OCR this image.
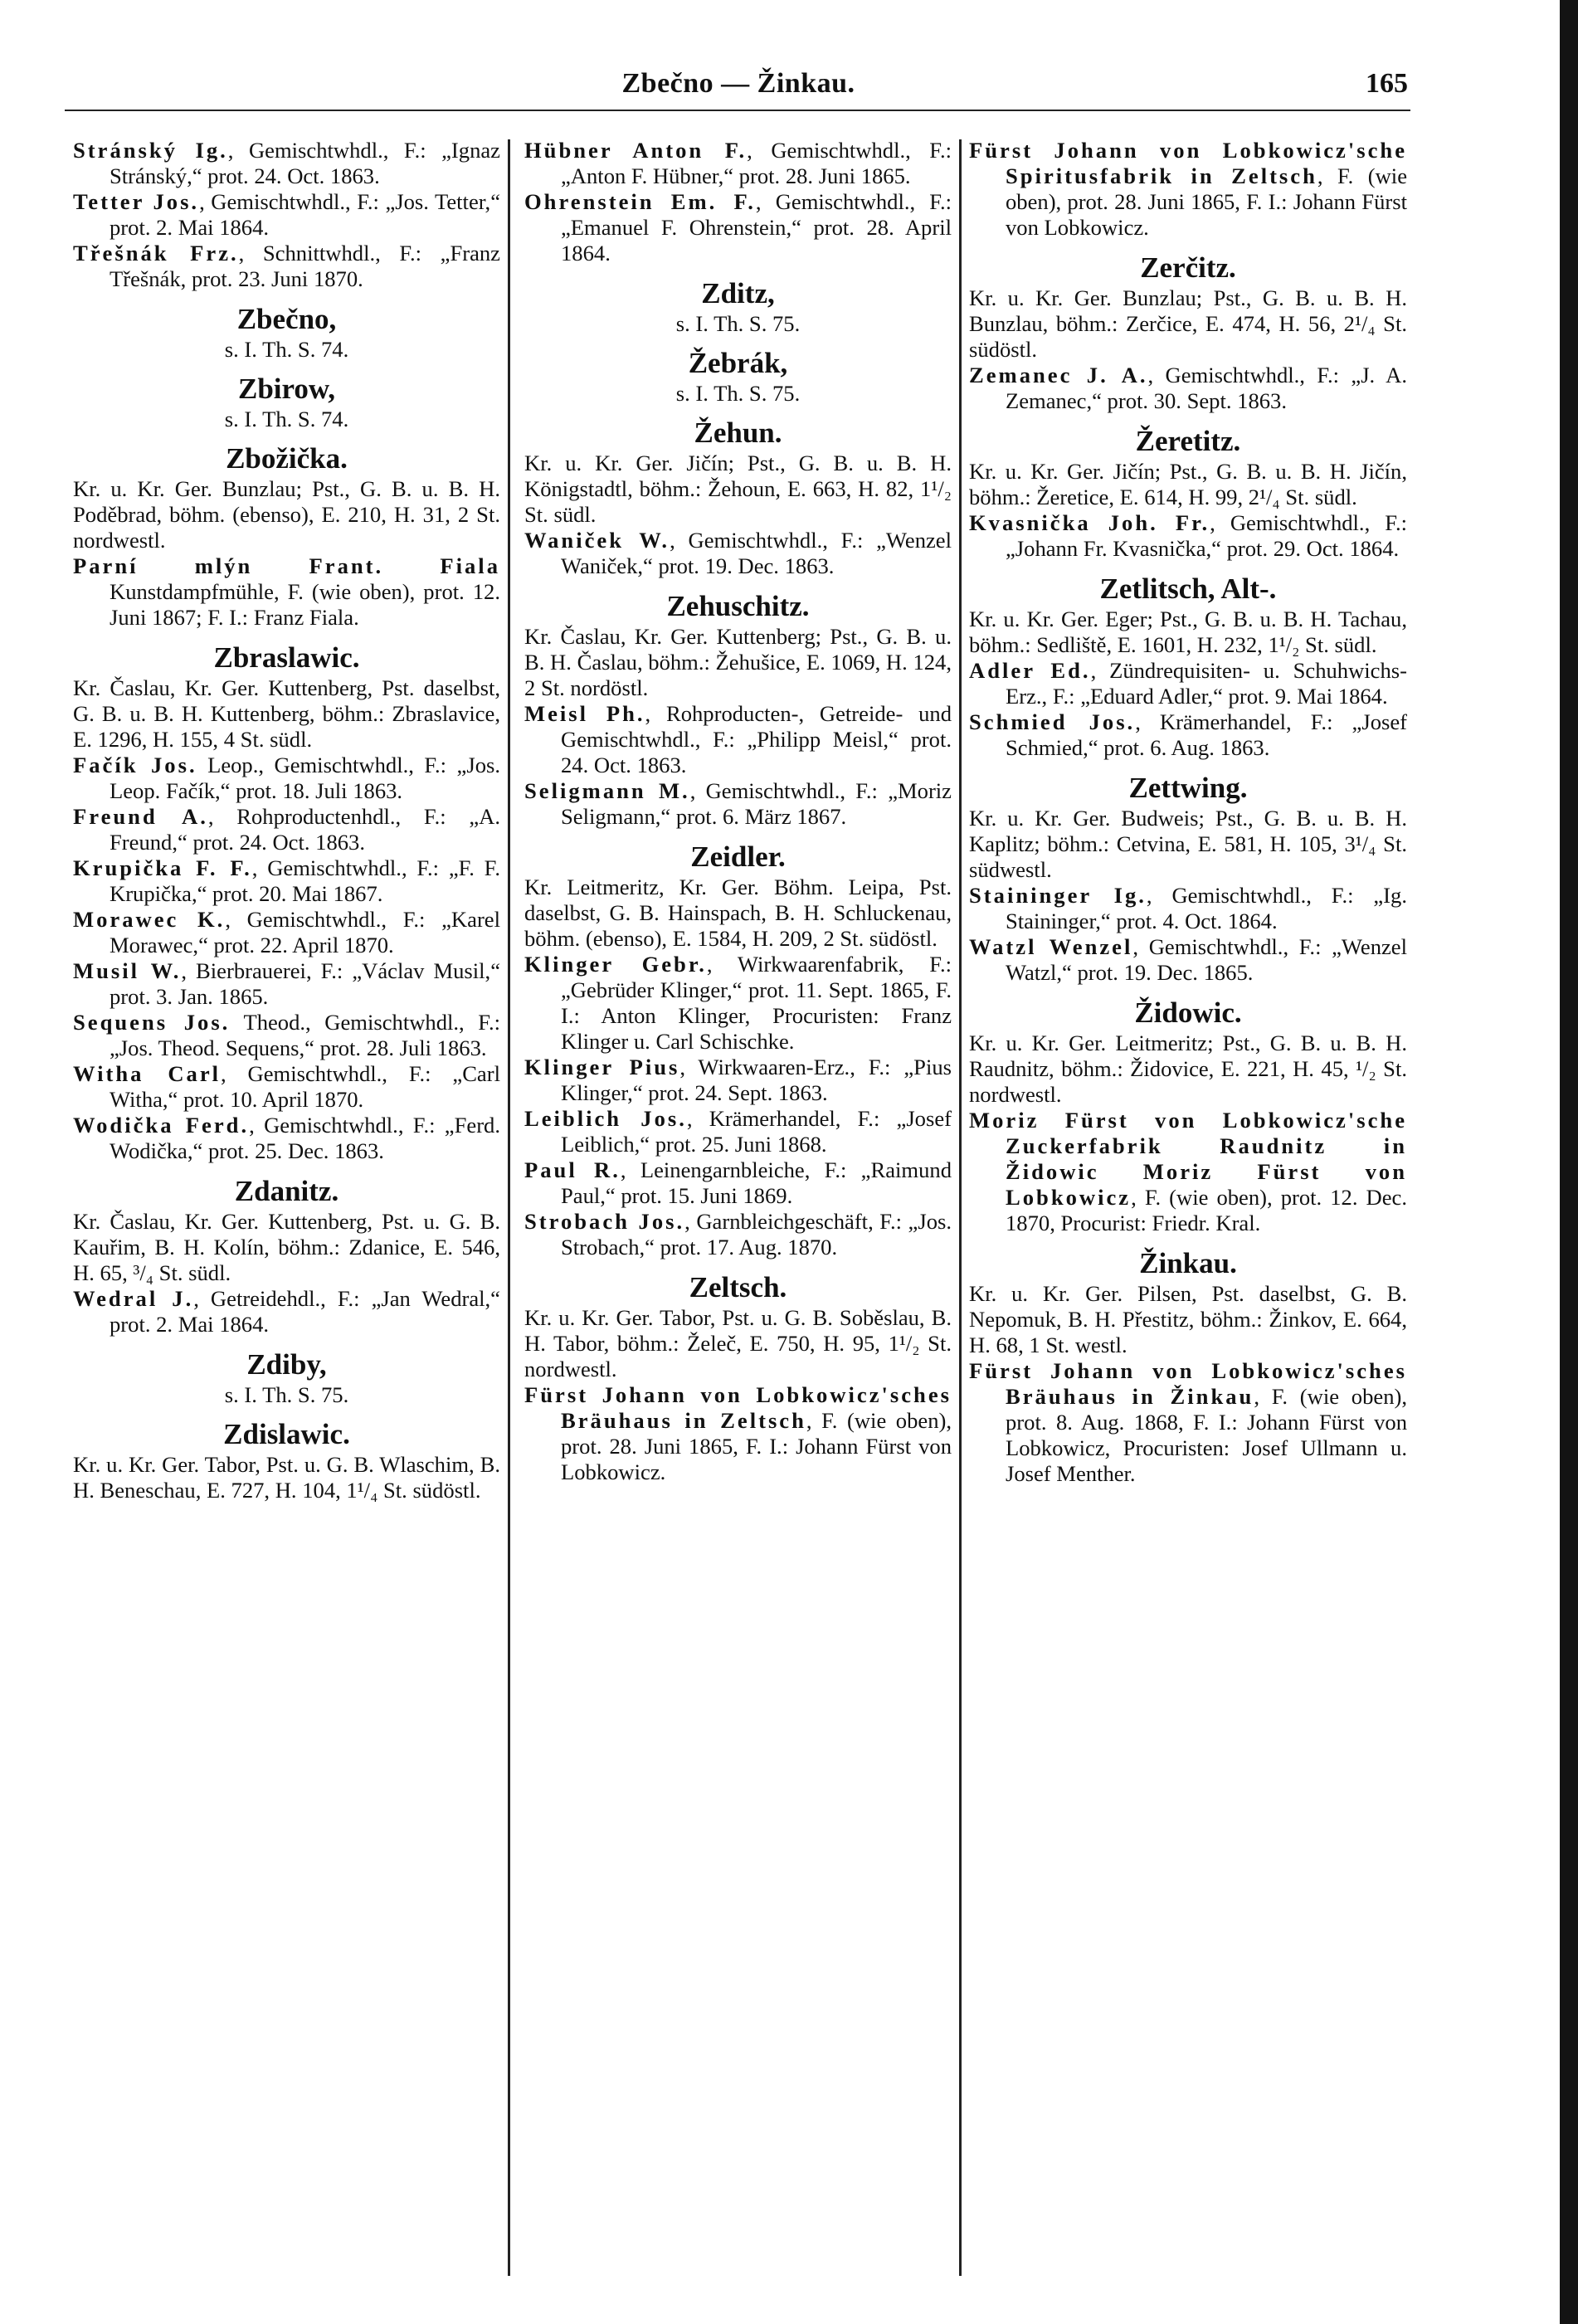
Zbečno — Žinkau.	165

Stránský Ig., Gemischtwhdl., F.: „Ignaz Stránský,“ prot. 24. Oct. 1863.

Tetter Jos., Gemischtwhdl., F.: „Jos. Tetter,“ prot. 2. Mai 1864.

Třešnák Frz., Schnittwhdl., F.: „Franz Třešnák, prot. 23. Juni 1870.

Zbečno,
s. I. Th. S. 74.
Zbirow,
s. I. Th. S. 74.
Zbožička.

Kr. u. Kr. Ger. Bunzlau; Pst., G. B. u. B. H. Poděbrad, böhm. (ebenso), E. 210, H. 31, 2 St. nordwestl.

Parní mlýn Frant. Fiala Kunstdampfmühle, F. (wie oben), prot. 12. Juni 1867; F. I.: Franz Fiala.

Zbraslawic.

Kr. Časlau, Kr. Ger. Kuttenberg, Pst. daselbst, G. B. u. B. H. Kuttenberg, böhm.: Zbraslavice, E. 1296, H. 155, 4 St. südl.

Fačík Jos. Leop., Gemischtwhdl., F.: „Jos. Leop. Fačík,“ prot. 18. Juli 1863.

Freund A., Rohproductenhdl., F.: „A. Freund,“ prot. 24. Oct. 1863.

Krupička F. F., Gemischtwhdl., F.: „F. F. Krupička,“ prot. 20. Mai 1867.

Morawec K., Gemischtwhdl., F.: „Karel Morawec,“ prot. 22. April 1870.

Musil W., Bierbrauerei, F.: „Václav Musil,“ prot. 3. Jan. 1865.

Sequens Jos. Theod., Gemischtwhdl., F.: „Jos. Theod. Sequens,“ prot. 28. Juli 1863.

Witha Carl, Gemischtwhdl., F.: „Carl Witha,“ prot. 10. April 1870.

Wodička Ferd., Gemischtwhdl., F.: „Ferd. Wodička,“ prot. 25. Dec. 1863.

Zdanitz.

Kr. Časlau, Kr. Ger. Kuttenberg, Pst. u. G. B. Kauřim, B. H. Kolín, böhm.: Zdanice, E. 546, H. 65, ³/₄ St. südl.

Wedral J., Getreidehdl., F.: „Jan Wedral,“ prot. 2. Mai 1864.

Zdiby,
s. I. Th. S. 75.
Zdislawic.

Kr. u. Kr. Ger. Tabor, Pst. u. G. B. Wlaschim, B. H. Beneschau, E. 727, H. 104, 1¹/₄ St. südöstl.

Hübner Anton F., Gemischtwhdl., F.: „Anton F. Hübner,“ prot. 28. Juni 1865.

Ohrenstein Em. F., Gemischtwhdl., F.: „Emanuel F. Ohrenstein,“ prot. 28. April 1864.

Zditz,
s. I. Th. S. 75.
Žebrák,
s. I. Th. S. 75.
Žehun.

Kr. u. Kr. Ger. Jičín; Pst., G. B. u. B. H. Königstadtl, böhm.: Žehoun, E. 663, H. 82, 1¹/₂ St. südl.

Waniček W., Gemischtwhdl., F.: „Wenzel Waniček,“ prot. 19. Dec. 1863.

Zehuschitz.

Kr. Časlau, Kr. Ger. Kuttenberg; Pst., G. B. u. B. H. Časlau, böhm.: Žehušice, E. 1069, H. 124, 2 St. nordöstl.

Meisl Ph., Rohproducten-, Getreide- und Gemischtwhdl., F.: „Philipp Meisl,“ prot. 24. Oct. 1863.

Seligmann M., Gemischtwhdl., F.: „Moriz Seligmann,“ prot. 6. März 1867.

Zeidler.

Kr. Leitmeritz, Kr. Ger. Böhm. Leipa, Pst. daselbst, G. B. Hainspach, B. H. Schluckenau, böhm. (ebenso), E. 1584, H. 209, 2 St. südöstl.

Klinger Gebr., Wirkwaarenfabrik, F.: „Gebrüder Klinger,“ prot. 11. Sept. 1865, F. I.: Anton Klinger, Procuristen: Franz Klinger u. Carl Schischke.

Klinger Pius, Wirkwaaren-Erz., F.: „Pius Klinger,“ prot. 24. Sept. 1863.

Leiblich Jos., Krämerhandel, F.: „Josef Leiblich,“ prot. 25. Juni 1868.

Paul R., Leinengarnbleiche, F.: „Raimund Paul,“ prot. 15. Juni 1869.

Strobach Jos., Garnbleichgeschäft, F.: „Jos. Strobach,“ prot. 17. Aug. 1870.

Zeltsch.

Kr. u. Kr. Ger. Tabor, Pst. u. G. B. Soběslau, B. H. Tabor, böhm.: Želeč, E. 750, H. 95, 1¹/₂ St. nordwestl.

Fürst Johann von Lobkowicz'sches Bräuhaus in Zeltsch, F. (wie oben), prot. 28. Juni 1865, F. I.: Johann Fürst von Lobkowicz.

Fürst Johann von Lobkowicz'sche Spiritusfabrik in Zeltsch, F. (wie oben), prot. 28. Juni 1865, F. I.: Johann Fürst von Lobkowicz.

Zerčitz.

Kr. u. Kr. Ger. Bunzlau; Pst., G. B. u. B. H. Bunzlau, böhm.: Zerčice, E. 474, H. 56, 2¹/₄ St. südöstl.

Zemanec J. A., Gemischtwhdl., F.: „J. A. Zemanec,“ prot. 30. Sept. 1863.

Žeretitz.

Kr. u. Kr. Ger. Jičín; Pst., G. B. u. B. H. Jičín, böhm.: Žeretice, E. 614, H. 99, 2¹/₄ St. südl.

Kvasnička Joh. Fr., Gemischtwhdl., F.: „Johann Fr. Kvasnička,“ prot. 29. Oct. 1864.

Zetlitsch, Alt-.

Kr. u. Kr. Ger. Eger; Pst., G. B. u. B. H. Tachau, böhm.: Sedliště, E. 1601, H. 232, 1¹/₂ St. südl.

Adler Ed., Zündrequisiten- u. Schuhwichs-Erz., F.: „Eduard Adler,“ prot. 9. Mai 1864.

Schmied Jos., Krämerhandel, F.: „Josef Schmied,“ prot. 6. Aug. 1863.

Zettwing.

Kr. u. Kr. Ger. Budweis; Pst., G. B. u. B. H. Kaplitz; böhm.: Cetvina, E. 581, H. 105, 3¹/₄ St. südwestl.

Staininger Ig., Gemischtwhdl., F.: „Ig. Staininger,“ prot. 4. Oct. 1864.

Watzl Wenzel, Gemischtwhdl., F.: „Wenzel Watzl,“ prot. 19. Dec. 1865.

Židowic.

Kr. u. Kr. Ger. Leitmeritz; Pst., G. B. u. B. H. Raudnitz, böhm.: Židovice, E. 221, H. 45, ¹/₂ St. nordwestl.

Moriz Fürst von Lobkowicz'sche Zuckerfabrik Raudnitz in Židowic Moriz Fürst von Lobkowicz, F. (wie oben), prot. 12. Dec. 1870, Procurist: Friedr. Kral.

Žinkau.

Kr. u. Kr. Ger. Pilsen, Pst. daselbst, G. B. Nepomuk, B. H. Přestitz, böhm.: Žinkov, E. 664, H. 68, 1 St. westl.

Fürst Johann von Lobkowicz'sches Bräuhaus in Žinkau, F. (wie oben), prot. 8. Aug. 1868, F. I.: Johann Fürst von Lobkowicz, Procuristen: Josef Ullmann u. Josef Menther.
